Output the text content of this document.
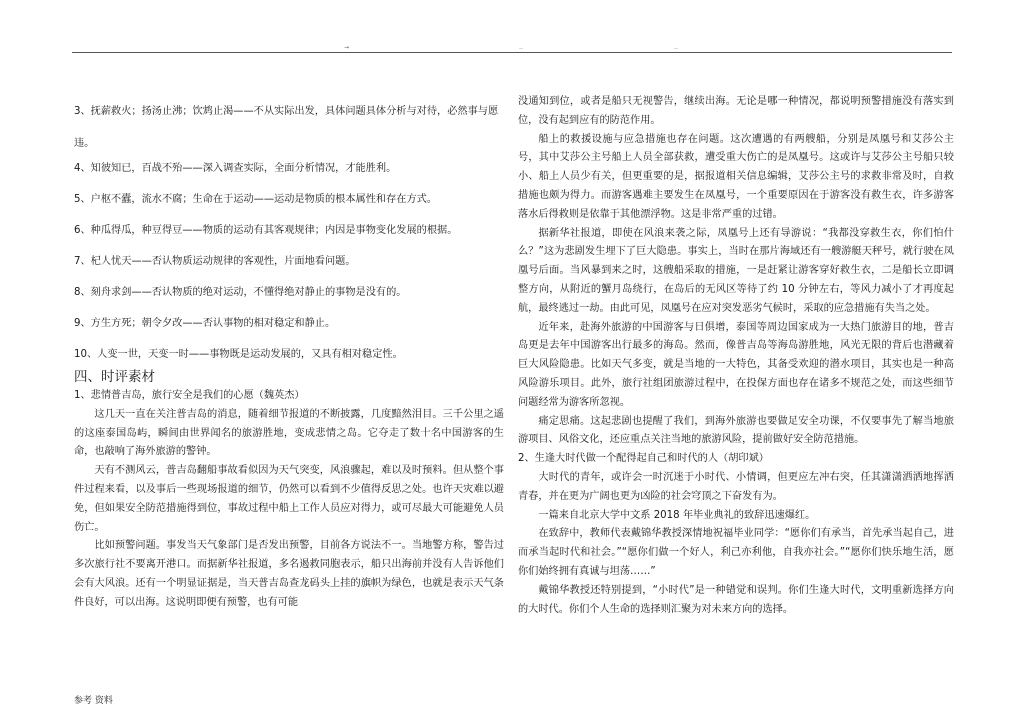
→	‥	‥

3、抚薪救火；扬汤止沸；饮鸩止渴——不从实际出发，具体问题具体分析与对待，必然事与愿违。

4、知彼知已，百战不殆——深入调查实际，全面分析情况，才能胜利。

5、户枢不蠹，流水不腐；生命在于运动——运动是物质的根本属性和存在方式。

6、种瓜得瓜，种豆得豆——物质的运动有其客观规律；内因是事物变化发展的根据。

7、杞人忧天——否认物质运动规律的客观性，片面地看问题。

8、刻舟求剑——否认物质的绝对运动，不懂得绝对静止的事物是没有的。

9、方生方死；朝令夕改——否认事物的相对稳定和静止。

10、人变一世，天变一时——事物既是运动发展的，又具有相对稳定性。

四、时评素材

1、悲情普吉岛，旅行安全是我们的心愿（魏英杰）

这几天一直在关注普吉岛的消息，随着细节报道的不断披露，几度黯然泪目。三千公里之遥的这座泰国岛屿，瞬间由世界闻名的旅游胜地，变成悲情之岛。它夺走了数十名中国游客的生命，也敲响了海外旅游的警钟。

天有不测风云，普吉岛翻船事故看似因为天气突变，风浪骤起，难以及时预料。但从整个事件过程来看，以及事后一些现场报道的细节，仍然可以看到不少值得反思之处。也许天灾难以避免，但如果安全防范措施得到位，事故过程中船上工作人员应对得力，或可尽最大可能避免人员伤亡。

比如预警问题。事发当天气象部门是否发出预警，目前各方说法不一。当地警方称，警告过多次旅行社不要离开港口。而据新华社报道，多名遏救同胞表示，船只出海前并没有人告诉他们会有大风浪。还有一个明显证据是，当天普吉岛查龙码头上挂的旗帜为绿色，也就是表示天气条件良好，可以出海。这说明即便有预警，也有可能

没通知到位，或者是船只无视警告，继续出海。无论是哪一种情况，都说明预警措施没有落实到位，没有起到应有的防范作用。

船上的救援设施与应急措施也存在问题。这次遭遇的有两艘船，分别是凤凰号和艾莎公主号，其中艾莎公主号船上人员全部获救，遭受重大伤亡的是凤凰号。这或许与艾莎公主号船只较小、船上人员少有关，但更重要的是，据报道相关信息编辑，艾莎公主号的求救非常及时，自救措施也颇为得力。而游客遇难主要发生在凤凰号，一个重要原因在于游客没有救生衣，许多游客落水后得救则是依靠于其他漂浮物。这是非常严重的过错。

据新华社报道，即使在风浪来袭之际，凤凰号上还有导游说：“我都没穿救生衣，你们怕什么？”这为悲剧发生埋下了巨大隐患。事实上，当时在那片海域还有一艘游艇天秤号，就行驶在凤凰号后面。当风暴到来之时，这艘船采取的措施，一是赶紧让游客穿好救生衣，二是船长立即调整方向，从附近的蟹月岛绕行，在岛后的无风区等待了约 10 分钟左右，等风力减小了才再度起航，最终逃过一劫。由此可见，凤凰号在应对突发恶劣气候时，采取的应急措施有失当之处。

近年来，赴海外旅游的中国游客与日俱增，泰国等周边国家成为一大热门旅游目的地，普吉岛更是去年中国游客出行最多的海岛。然而，像普吉岛等海岛游胜地，风光无限的背后也潜藏着巨大风险隐患。比如天气多变，就是当地的一大特色，其备受欢迎的潜水项目，其实也是一种高风险游乐项目。此外，旅行社组团旅游过程中，在投保方面也存在诸多不规范之处，而这些细节问题经常为游客所忽视。

痛定思痛。这起悲剧也提醒了我们，到海外旅游也要做足安全功课，不仅要事先了解当地旅游项目、风俗文化，还应重点关注当地的旅游风险，提前做好安全防范措施。

2、生逢大时代做一个配得起自己和时代的人（胡印斌）

大时代的青年，或许会一时沉迷于小时代、小情调，但更应左冲右突，任其潇潇洒洒地挥洒青春，并在更为广阔也更为凶险的社会穹顶之下奋发有为。

一篇来自北京大学中文系 2018 年毕业典礼的致辞迅速爆红。

在致辞中，教师代表戴锦华教授深情地祝福毕业同学：“愿你们有承当，首先承当起自己，进而承当起时代和社会。”“愿你们做一个好人，利己亦利他，自我亦社会。”“愿你们快乐地生活，愿你们始终拥有真诚与坦荡……”

戴锦华教授还特别提到，“小时代”是一种错觉和误判。你们生逢大时代，文明重新选择方向的大时代。你们个人生命的选择则汇聚为对未来方向的选择。

参考 资料
